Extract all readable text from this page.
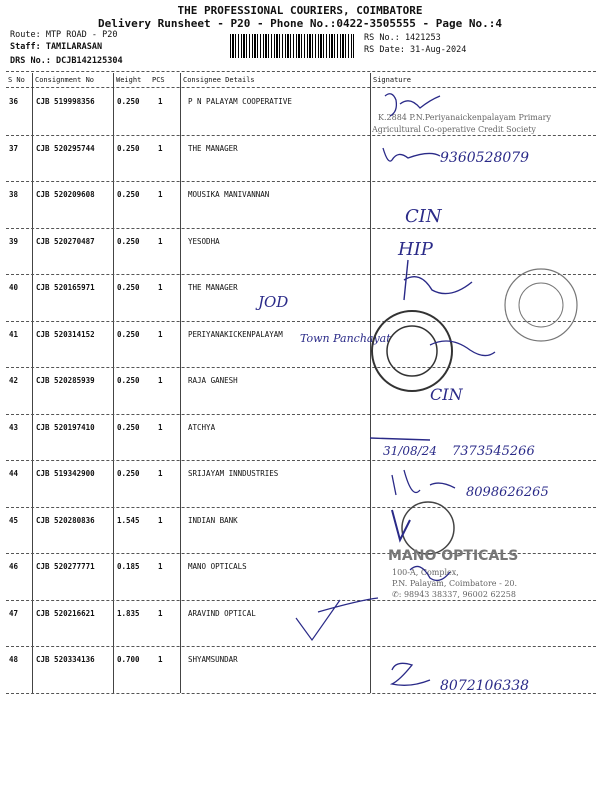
THE PROFESSIONAL COURIERS, COIMBATORE
Delivery Runsheet - P20 - Phone No.:0422-3505555 - Page No.:4
Route: MTP ROAD - P20
Staff: TAMILARASAN
DRS No.: DCJB142125304
RS No.: 1421253
RS Date: 31-Aug-2024
S No Consignment No	Weight PCS	Consignee Details	Signature
36 CJB 519998356	0.250 1	P N PALAYAM COOPERATIVE
37 CJB 520295744	0.250 1	THE MANAGER
38 CJB 520209608	0.250 1	MOUSIKA MANIVANNAN
39 CJB 520270487	0.250 1	YESODHA
40 CJB 520165971	0.250 1	THE MANAGER
41 CJB 520314152	0.250 1	PERIYANAKICKENPALAYAM
42 CJB 520285939	0.250 1	RAJA GANESH
43 CJB 520197410	0.250 1	ATCHYA
44 CJB 519342900	0.250 1	SRIJAYAM INNDUSTRIES
45 CJB 520280836	1.545 1	INDIAN BANK
46 CJB 520277771	0.185 1	MANO OPTICALS
47 CJB 520216621	1.835 1	ARAVIND OPTICAL
48 CJB 520334136	0.700 1	SHYAMSUNDAR
K.2884 P.N.Periyanaickenpalayam Primary
Agricultural Co-operative Credit Society
9360528079
CIN
HIP
JOD
Town Panchayat
CIN
31/08/24 7373545266
8098626265
MANO OPTICALS
100-A, Complex,
P.N. Palayam, Coimbatore - 20.
✆: 98943 38337, 96002 62258
8072106338
